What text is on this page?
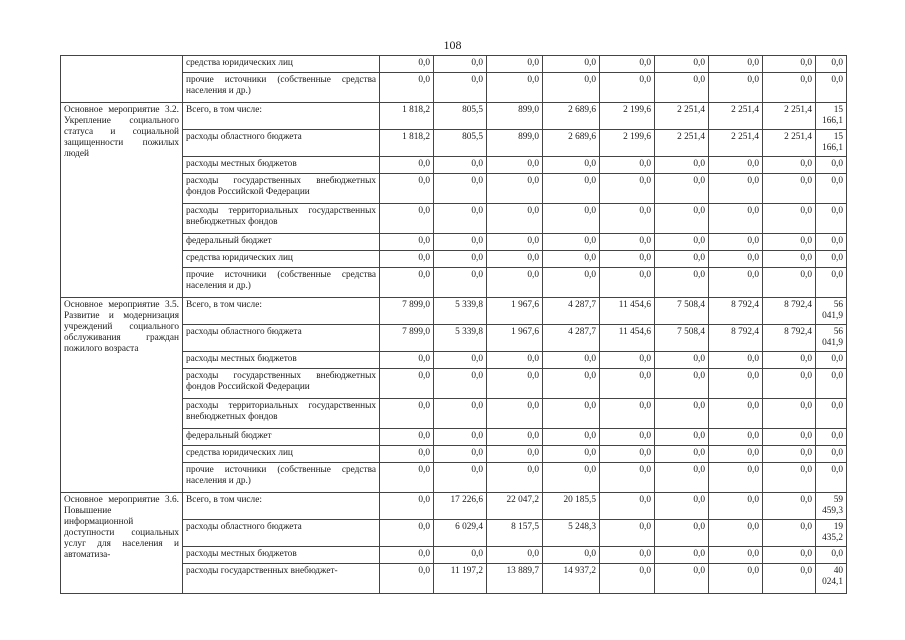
108
	средства юридических лиц	0,0	0,0	0,0	0,0	0,0	0,0	0,0	0,0	0,0
	прочие источники (собственные средства населения и др.)	0,0	0,0	0,0	0,0	0,0	0,0	0,0	0,0	0,0
Основное мероприятие 3.2. Укрепление социального статуса и социальной защищенности пожилых людей	Всего, в том числе:	1 818,2	805,5	899,0	2 689,6	2 199,6	2 251,4	2 251,4	2 251,4	15 166,1
	расходы областного бюджета	1 818,2	805,5	899,0	2 689,6	2 199,6	2 251,4	2 251,4	2 251,4	15 166,1
	расходы местных бюджетов	0,0	0,0	0,0	0,0	0,0	0,0	0,0	0,0	0,0
	расходы государственных внебюджетных фондов Российской Федерации	0,0	0,0	0,0	0,0	0,0	0,0	0,0	0,0	0,0
	расходы территориальных государственных внебюджетных фондов	0,0	0,0	0,0	0,0	0,0	0,0	0,0	0,0	0,0
	федеральный бюджет	0,0	0,0	0,0	0,0	0,0	0,0	0,0	0,0	0,0
	средства юридических лиц	0,0	0,0	0,0	0,0	0,0	0,0	0,0	0,0	0,0
	прочие источники (собственные средства населения и др.)	0,0	0,0	0,0	0,0	0,0	0,0	0,0	0,0	0,0
Основное мероприятие 3.5. Развитие и модернизация учреждений социального обслуживания граждан пожилого возраста	Всего, в том числе:	7 899,0	5 339,8	1 967,6	4 287,7	11 454,6	7 508,4	8 792,4	8 792,4	56 041,9
	расходы областного бюджета	7 899,0	5 339,8	1 967,6	4 287,7	11 454,6	7 508,4	8 792,4	8 792,4	56 041,9
	расходы местных бюджетов	0,0	0,0	0,0	0,0	0,0	0,0	0,0	0,0	0,0
	расходы государственных внебюджетных фондов Российской Федерации	0,0	0,0	0,0	0,0	0,0	0,0	0,0	0,0	0,0
	расходы территориальных государственных внебюджетных фондов	0,0	0,0	0,0	0,0	0,0	0,0	0,0	0,0	0,0
	федеральный бюджет	0,0	0,0	0,0	0,0	0,0	0,0	0,0	0,0	0,0
	средства юридических лиц	0,0	0,0	0,0	0,0	0,0	0,0	0,0	0,0	0,0
	прочие источники (собственные средства населения и др.)	0,0	0,0	0,0	0,0	0,0	0,0	0,0	0,0	0,0
Основное мероприятие 3.6. Повышение информационной доступности социальных услуг для населения и автоматиза-	Всего, в том числе:	0,0	17 226,6	22 047,2	20 185,5	0,0	0,0	0,0	0,0	59 459,3
	расходы областного бюджета	0,0	6 029,4	8 157,5	5 248,3	0,0	0,0	0,0	0,0	19 435,2
	расходы местных бюджетов	0,0	0,0	0,0	0,0	0,0	0,0	0,0	0,0	0,0
	расходы государственных внебюджет-	0,0	11 197,2	13 889,7	14 937,2	0,0	0,0	0,0	0,0	40 024,1
